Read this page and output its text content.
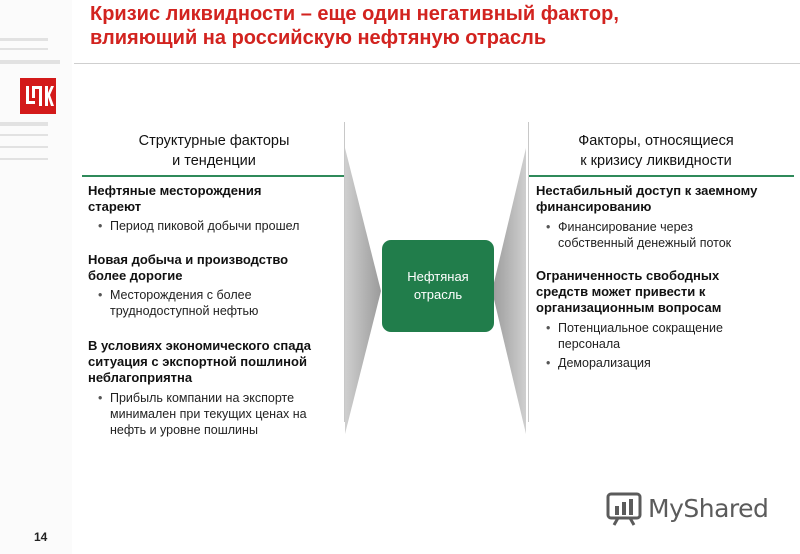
Кризис ликвидности – еще один негативный фактор,
влияющий на российскую нефтяную отрасль
Структурные факторы
и тенденции
Факторы, относящиеся
к кризису ликвидности
Нефтяная
отрасль
Нефтяные месторождения
стареют
• Период пиковой добычи прошел
Новая добыча и производство
более дорогие
• Месторождения с более
труднодоступной нефтью
В условиях экономического спада
ситуация с экспортной пошлиной
неблагоприятна
• Прибыль компании на экспорте
минимален при текущих ценах на
нефть и уровне пошлины
Нестабильный доступ к заемному
финансированию
• Финансирование через
собственный денежный поток
Ограниченность свободных
средств может привести к
организационным вопросам
• Потенциальное сокращение
персонала
• Деморализация
14
MyShared
